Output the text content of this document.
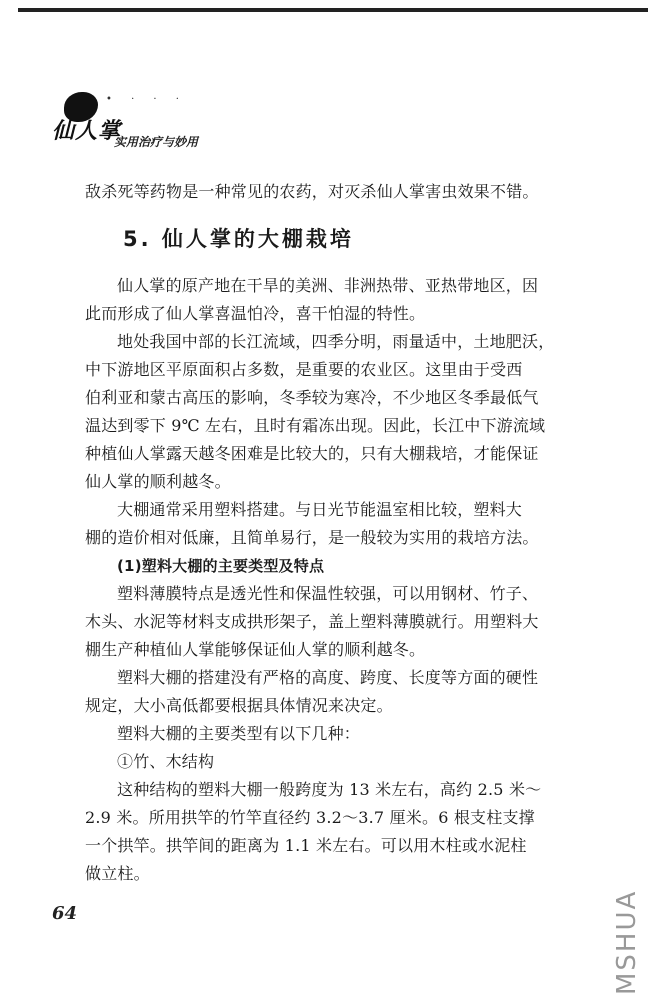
• · · ·
仙人掌
实用治疗与妙用
敌杀死等药物是一种常见的农药，对灭杀仙人掌害虫效果不错。
5. 仙人掌的大棚栽培
仙人掌的原产地在干旱的美洲、非洲热带、亚热带地区，因
此而形成了仙人掌喜温怕冷，喜干怕湿的特性。
地处我国中部的长江流域，四季分明，雨量适中，土地肥沃，
中下游地区平原面积占多数，是重要的农业区。这里由于受西
伯利亚和蒙古高压的影响，冬季较为寒冷，不少地区冬季最低气
温达到零下 9℃ 左右，且时有霜冻出现。因此，长江中下游流域
种植仙人掌露天越冬困难是比较大的，只有大棚栽培，才能保证
仙人掌的顺利越冬。
大棚通常采用塑料搭建。与日光节能温室相比较，塑料大
棚的造价相对低廉，且简单易行，是一般较为实用的栽培方法。
(1)塑料大棚的主要类型及特点
塑料薄膜特点是透光性和保温性较强，可以用钢材、竹子、
木头、水泥等材料支成拱形架子，盖上塑料薄膜就行。用塑料大
棚生产种植仙人掌能够保证仙人掌的顺利越冬。
塑料大棚的搭建没有严格的高度、跨度、长度等方面的硬性
规定，大小高低都要根据具体情况来决定。
塑料大棚的主要类型有以下几种：
①竹、木结构
这种结构的塑料大棚一般跨度为 13 米左右，高约 2.5 米～
2.9 米。所用拱竿的竹竿直径约 3.2～3.7 厘米。6 根支柱支撑
一个拱竿。拱竿间的距离为 1.1 米左右。可以用木柱或水泥柱
做立柱。
64	MSHUA
